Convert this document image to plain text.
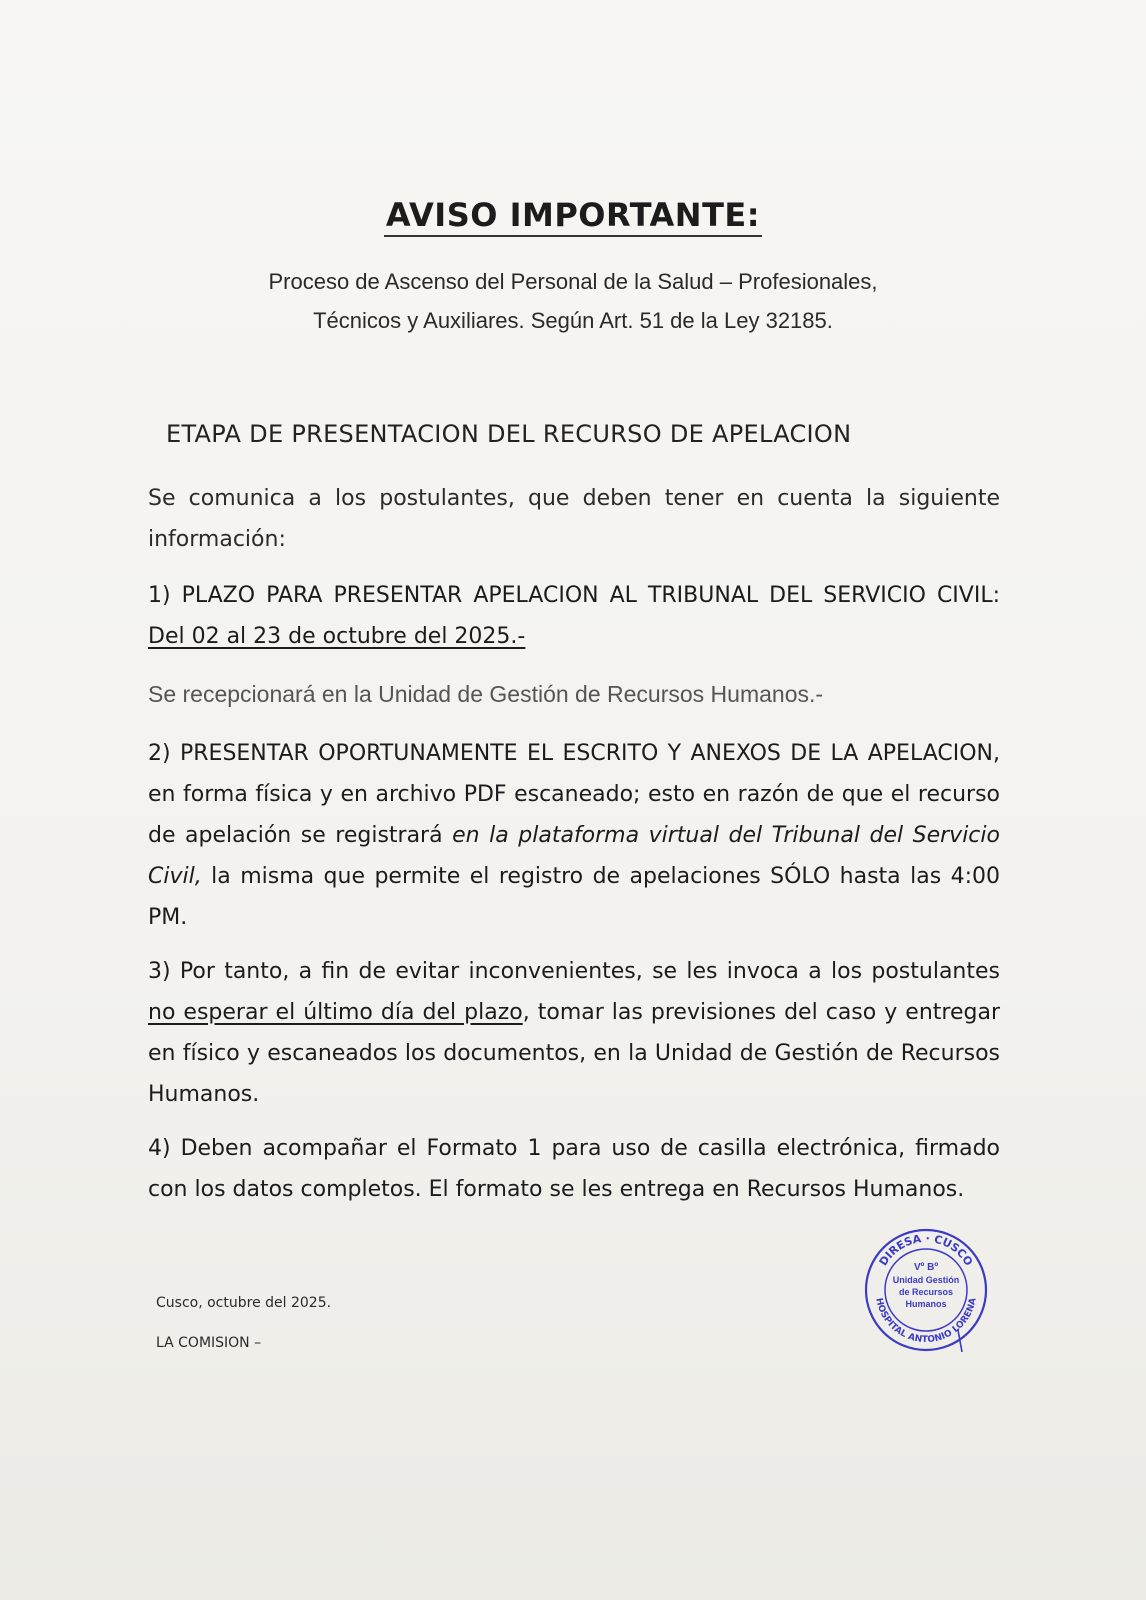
AVISO IMPORTANTE:
Proceso de Ascenso del Personal de la Salud – Profesionales,
Técnicos y Auxiliares. Según Art. 51 de la Ley 32185.
ETAPA DE PRESENTACION DEL RECURSO DE APELACION
Se comunica a los postulantes, que deben tener en cuenta la siguiente información:
1) PLAZO PARA PRESENTAR APELACION AL TRIBUNAL DEL SERVICIO CIVIL: Del 02 al 23 de octubre del 2025.-
Se recepcionará en la Unidad de Gestión de Recursos Humanos.-
2) PRESENTAR OPORTUNAMENTE EL ESCRITO Y ANEXOS DE LA APELACION, en forma física y en archivo PDF escaneado; esto en razón de que el recurso de apelación se registrará en la plataforma virtual del Tribunal del Servicio Civil, la misma que permite el registro de apelaciones SÓLO hasta las 4:00 PM.
3) Por tanto, a fin de evitar inconvenientes, se les invoca a los postulantes no esperar el último día del plazo, tomar las previsiones del caso y entregar en físico y escaneados los documentos, en la Unidad de Gestión de Recursos Humanos.
4) Deben acompañar el Formato 1 para uso de casilla electrónica, firmado con los datos completos. El formato se les entrega en Recursos Humanos.
Cusco, octubre del 2025.
LA COMISION –
DIRESA · CUSCO
HOSPITAL ANTONIO LORENA
Vº Bº
Unidad Gestión
de Recursos
Humanos
